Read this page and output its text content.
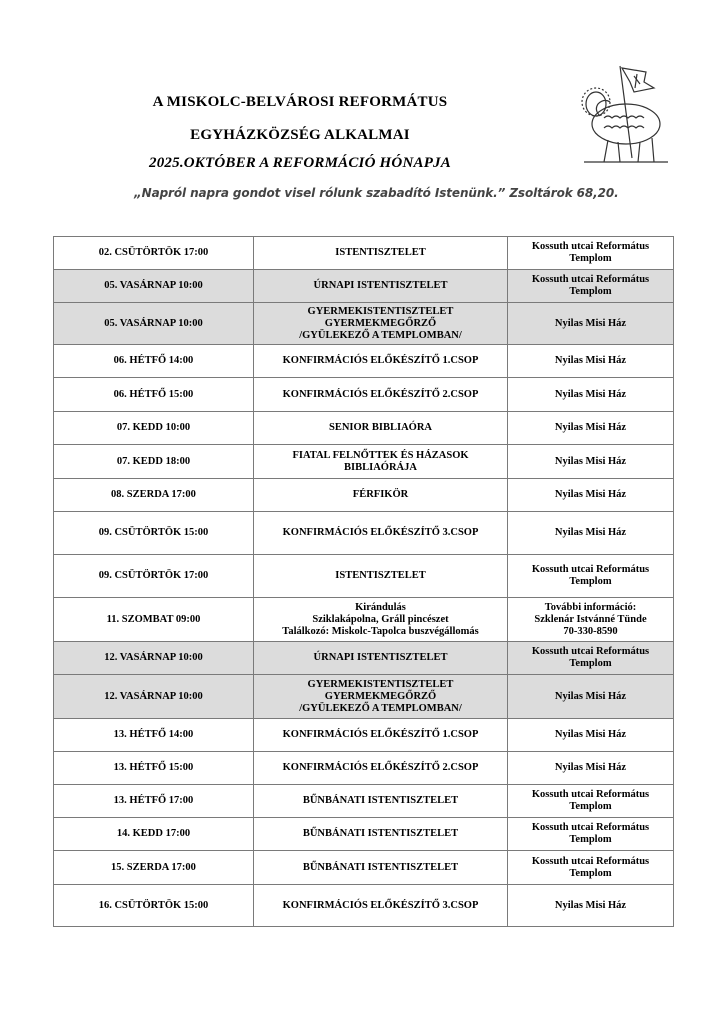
A MISKOLC-BELVÁROSI REFORMÁTUS
EGYHÁZKÖZSÉG ALKALMAI
2025.OKTÓBER A REFORMÁCIÓ HÓNAPJA
„Napról napra gondot visel rólunk szabadító Istenünk.” Zsoltárok 68,20.
02. CSÜTÖRTÖK 17:00	ISTENTISZTELET	Kossuth utcai Református
Templom
05. VASÁRNAP 10:00	ÚRNAPI ISTENTISZTELET	Kossuth utcai Református
Templom
05. VASÁRNAP 10:00	GYERMEKISTENTISZTELET
GYERMEKMEGŐRZŐ
/GYÜLEKEZŐ A TEMPLOMBAN/	Nyilas Misi Ház
06. HÉTFŐ 14:00	KONFIRMÁCIÓS ELŐKÉSZÍTŐ 1.CSOP	Nyilas Misi Ház
06. HÉTFŐ 15:00	KONFIRMÁCIÓS ELŐKÉSZÍTŐ 2.CSOP	Nyilas Misi Ház
07. KEDD 10:00	SENIOR BIBLIAÓRA	Nyilas Misi Ház
07. KEDD 18:00	FIATAL FELNŐTTEK ÉS HÁZASOK
BIBLIAÓRÁJA	Nyilas Misi Ház
08. SZERDA 17:00	FÉRFIKÖR	Nyilas Misi Ház
09. CSÜTÖRTÖK 15:00	KONFIRMÁCIÓS ELŐKÉSZÍTŐ 3.CSOP	Nyilas Misi Ház
09. CSÜTÖRTÖK 17:00	ISTENTISZTELET	Kossuth utcai Református
Templom
11. SZOMBAT 09:00	Kirándulás
Sziklakápolna, Gráll pincészet
Találkozó: Miskolc-Tapolca buszvégállomás	További információ:
Szklenár Istvánné Tünde
70-330-8590
12. VASÁRNAP 10:00	ÚRNAPI ISTENTISZTELET	Kossuth utcai Református
Templom
12. VASÁRNAP 10:00	GYERMEKISTENTISZTELET
GYERMEKMEGŐRZŐ
/GYÜLEKEZŐ A TEMPLOMBAN/	Nyilas Misi Ház
13. HÉTFŐ 14:00	KONFIRMÁCIÓS ELŐKÉSZÍTŐ 1.CSOP	Nyilas Misi Ház
13. HÉTFŐ 15:00	KONFIRMÁCIÓS ELŐKÉSZÍTŐ 2.CSOP	Nyilas Misi Ház
13. HÉTFŐ 17:00	BŰNBÁNATI ISTENTISZTELET	Kossuth utcai Református
Templom
14. KEDD 17:00	BŰNBÁNATI ISTENTISZTELET	Kossuth utcai Református
Templom
15. SZERDA 17:00	BŰNBÁNATI ISTENTISZTELET	Kossuth utcai Református
Templom
16. CSÜTÖRTÖK 15:00	KONFIRMÁCIÓS ELŐKÉSZÍTŐ 3.CSOP	Nyilas Misi Ház
